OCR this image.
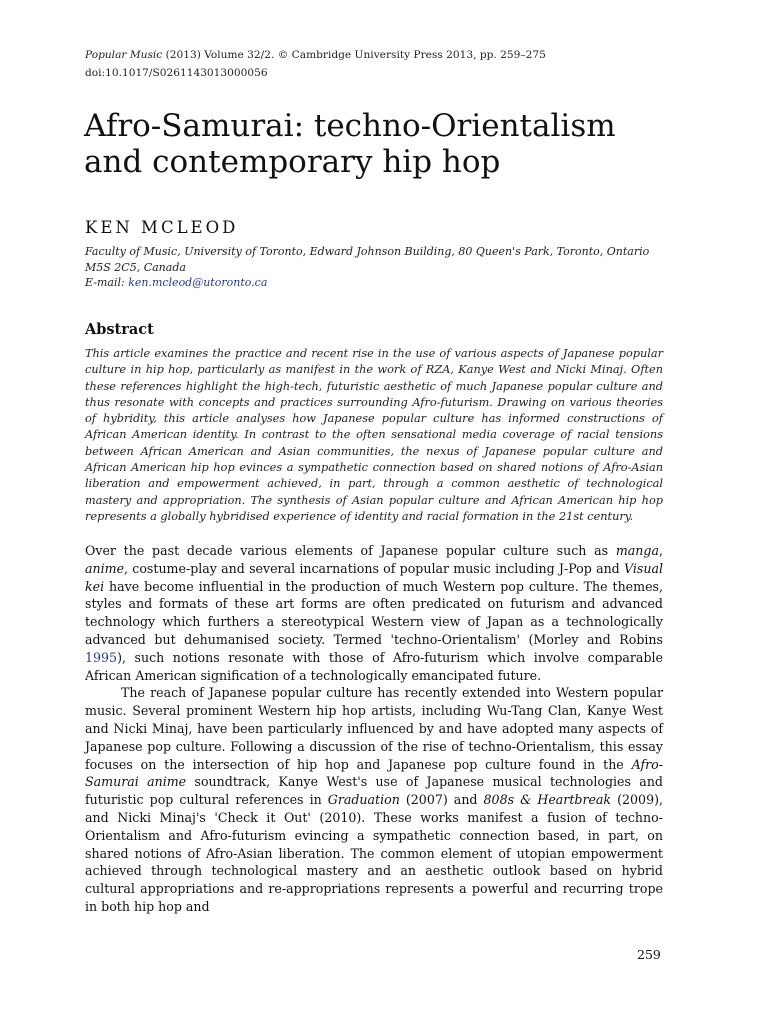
Popular Music (2013) Volume 32/2. © Cambridge University Press 2013, pp. 259–275
doi:10.1017/S0261143013000056
Afro-Samurai: techno-Orientalism
and contemporary hip hop
KEN MCLEOD
Faculty of Music, University of Toronto, Edward Johnson Building, 80 Queen's Park, Toronto, Ontario
M5S 2C5, Canada
E-mail: ken.mcleod@utoronto.ca
Abstract
This article examines the practice and recent rise in the use of various aspects of Japanese popular culture in hip hop, particularly as manifest in the work of RZA, Kanye West and Nicki Minaj. Often these references highlight the high-tech, futuristic aesthetic of much Japanese popular culture and thus resonate with concepts and practices surrounding Afro-futurism. Drawing on various theories of hybridity, this article analyses how Japanese popular culture has informed constructions of African American identity. In contrast to the often sensational media coverage of racial tensions between African American and Asian communities, the nexus of Japanese popular culture and African American hip hop evinces a sympathetic connection based on shared notions of Afro-Asian liberation and empowerment achieved, in part, through a common aesthetic of technological mastery and appropriation. The synthesis of Asian popular culture and African American hip hop represents a globally hybridised experience of identity and racial formation in the 21st century.

Over the past decade various elements of Japanese popular culture such as manga, anime, costume-play and several incarnations of popular music including J-Pop and Visual kei have become influential in the production of much Western pop culture. The themes, styles and formats of these art forms are often predicated on futurism and advanced technology which furthers a stereotypical Western view of Japan as a technologically advanced but dehumanised society. Termed 'techno-Orientalism' (Morley and Robins 1995), such notions resonate with those of Afro-futurism which involve comparable African American signification of a technologically emancipated future.

The reach of Japanese popular culture has recently extended into Western popular music. Several prominent Western hip hop artists, including Wu-Tang Clan, Kanye West and Nicki Minaj, have been particularly influenced by and have adopted many aspects of Japanese pop culture. Following a discussion of the rise of techno-Orientalism, this essay focuses on the intersection of hip hop and Japanese pop culture found in the Afro-Samurai anime soundtrack, Kanye West's use of Japanese musical technologies and futuristic pop cultural references in Graduation (2007) and 808s & Heartbreak (2009), and Nicki Minaj's 'Check it Out' (2010). These works manifest a fusion of techno-Orientalism and Afro-futurism evincing a sympathetic connection based, in part, on shared notions of Afro-Asian liberation. The common element of utopian empowerment achieved through technological mastery and an aesthetic outlook based on hybrid cultural appropriations and re-appropriations represents a powerful and recurring trope in both hip hop and

259
